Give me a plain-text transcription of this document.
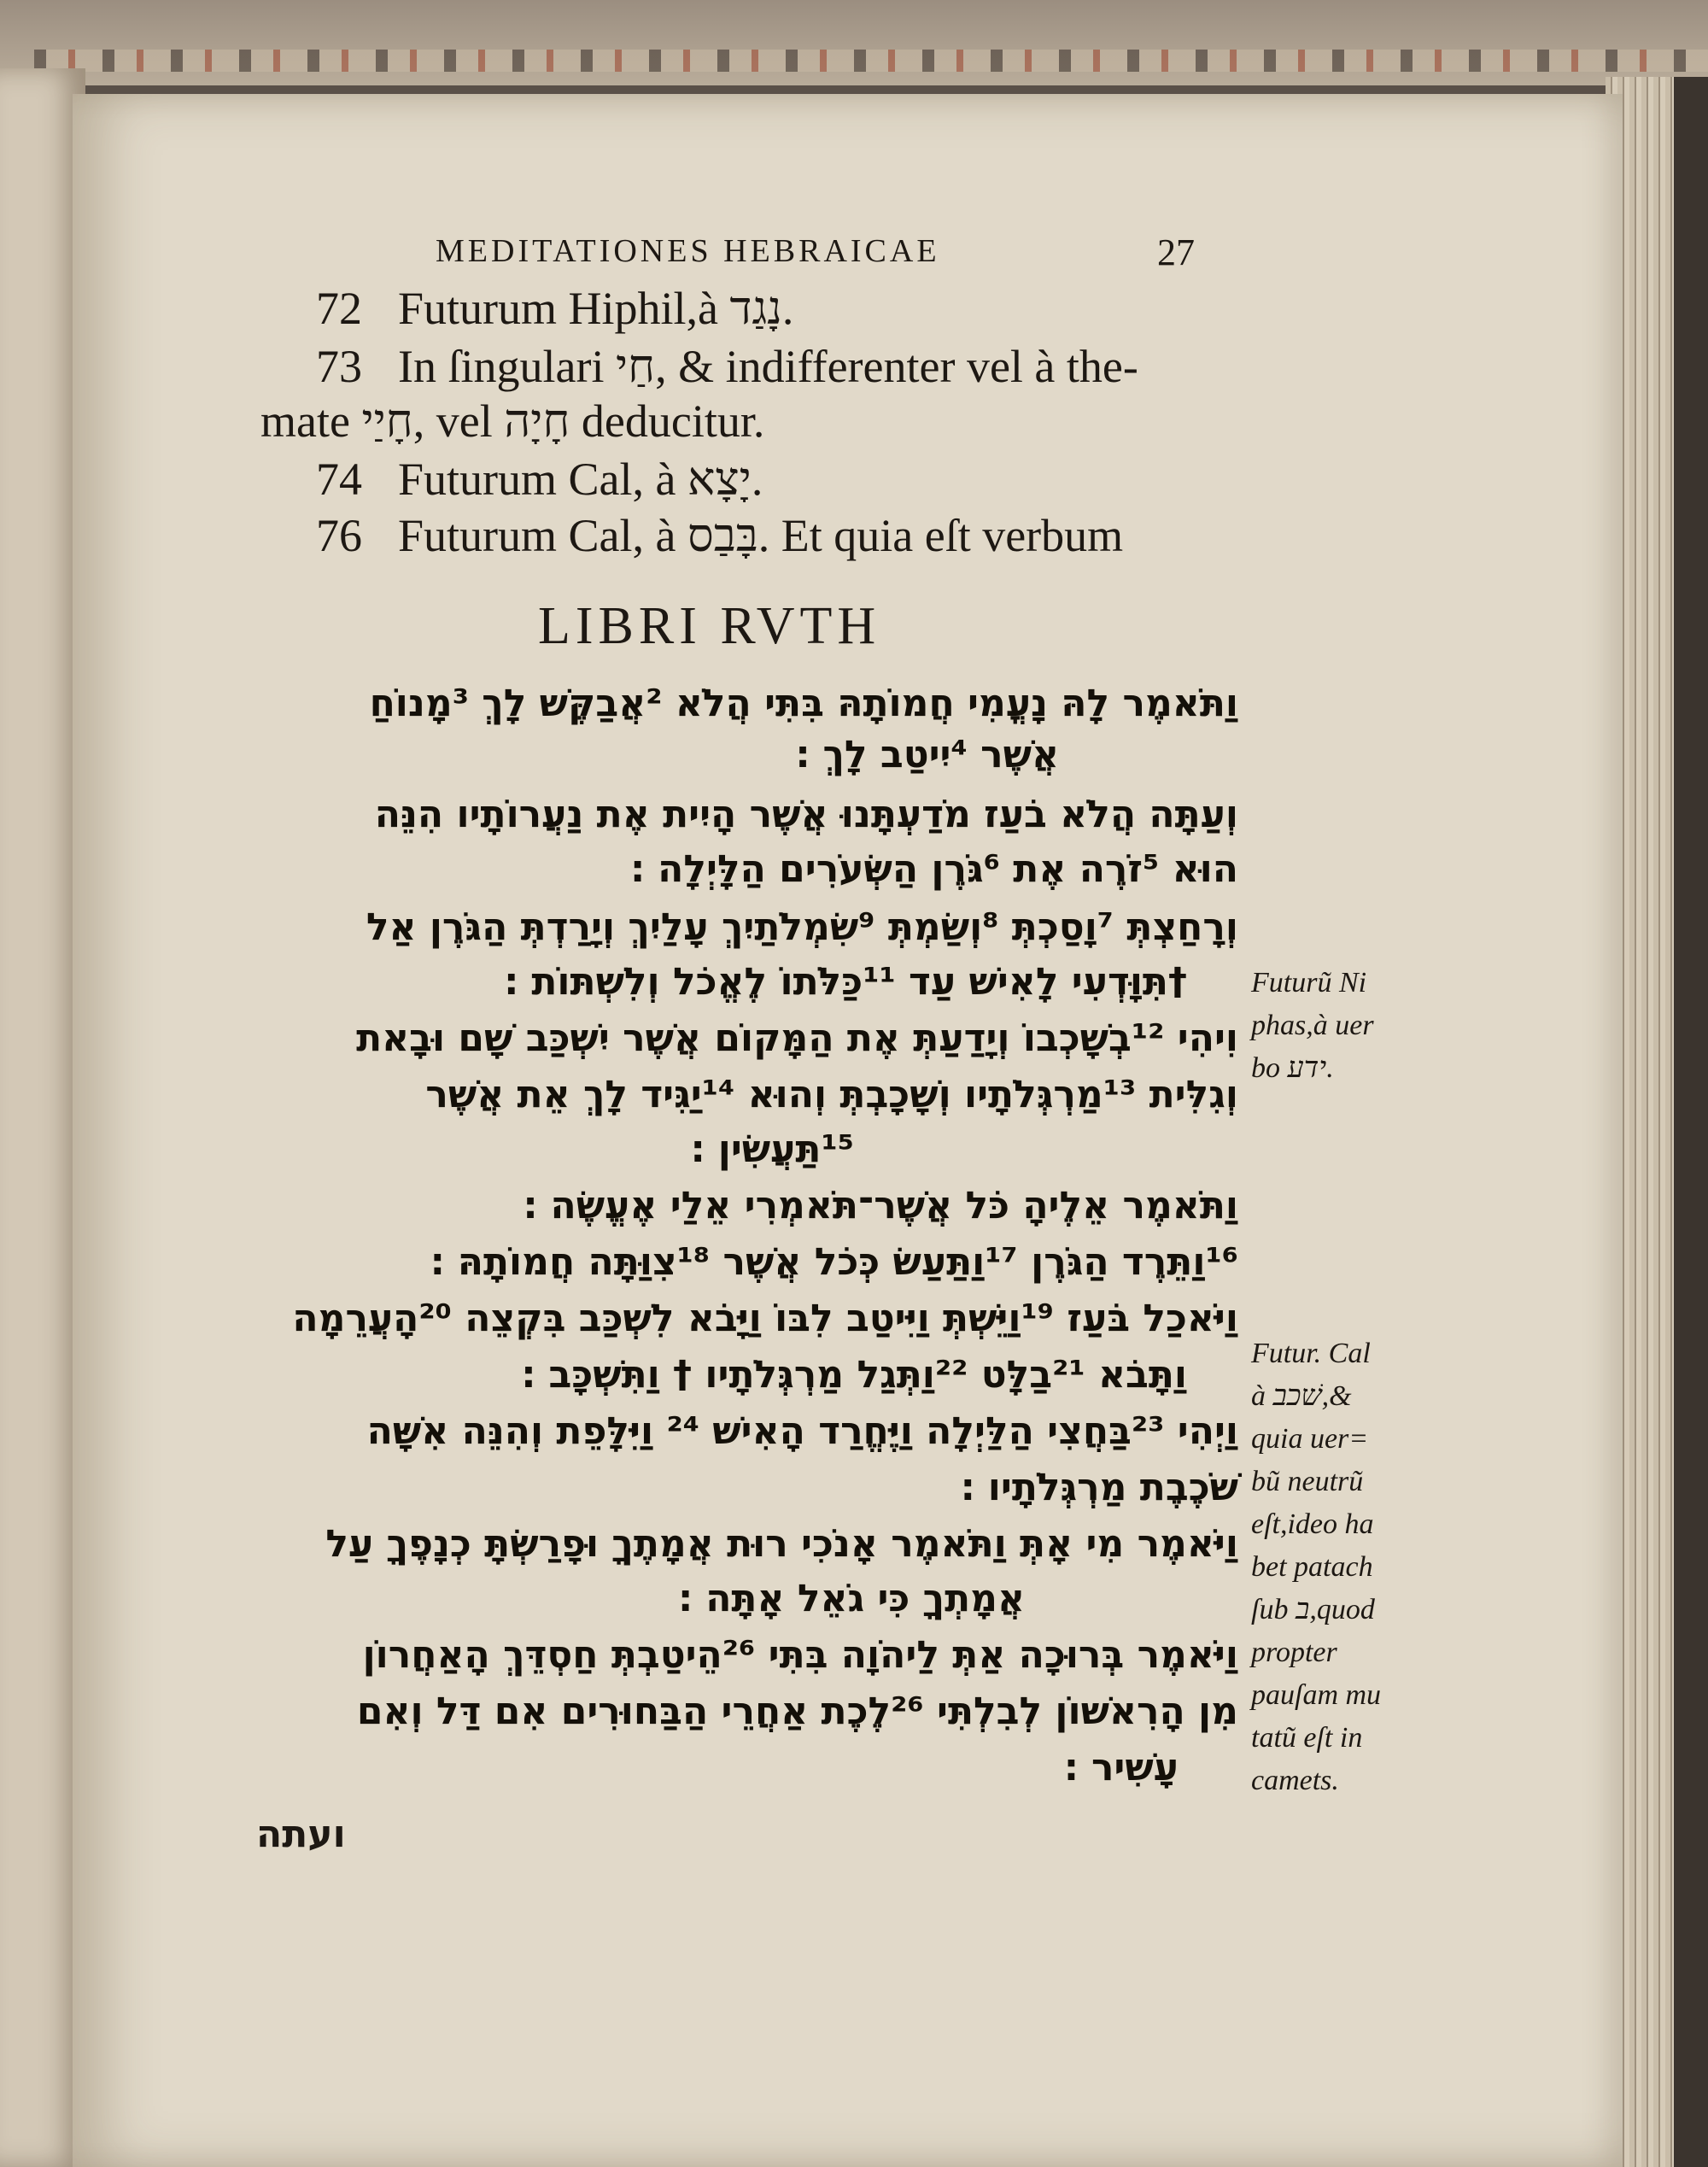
MEDITATIONES HEBRAICAE	27
72 Futurum Hiphil,à נָגַד.
73 In ſingulari חַי, & indifferenter vel à the-
mate חָיַי, vel חָיָה deducitur.
74 Futurum Cal, à יָצָא.
76 Futurum Cal, à בָּבַס. Et quia eſt verbum
LIBRI RVTH
וַתֹּאמֶר לָהּ נָעֳמִי חֲמוֹתָהּ בִּתִּי הֲלֹא ²אֲבַקֶּשׁ לָךְ ³מָנוֹחַ
אֲשֶׁר ⁴יִיטַב לָךְ ׃
וְעַתָּה הֲלֹא בֹעַז מֹדַעְתָּנוּ אֲשֶׁר הָיִית אֶת נַעֲרוֹתָיו הִנֵּה
הוּא ⁵זֹרֶה אֶת ⁶גֹּרֶן הַשְּׂעֹרִים הַלָּיְלָה ׃
וְרָחַצְתְּ ⁷וָסַכְתְּ ⁸וְשַׂמְתְּ ⁹שִׂמְלֹתַיִךְ עָלַיִךְ וְיָרַדְתְּ הַגֹּרֶן אַל
†תִּוָּדְעִי לָאִישׁ עַד ¹¹כַּלֹּתוֹ לֶאֱכֹל וְלִשְׁתּוֹת ׃
וִיהִי ¹²בְשָׁכְבוֹ וְיָדַעַתְּ אֶת הַמָּקוֹם אֲשֶׁר יִשְׁכַּב שָׁם וּבָאת
וְגִלִּית ¹³מַרְגְּלֹתָיו וְשָׁכָבְתְּ וְהוּא ¹⁴יַגִּיד לָךְ אֵת אֲשֶׁר
¹⁵תַּעֲשִׂין ׃
וַתֹּאמֶר אֵלֶיהָ כֹּל אֲשֶׁר־תֹּאמְרִי אֵלַי אֶעֱשֶׂה ׃
¹⁶וַתֵּרֶד הַגֹּרֶן ¹⁷וַתַּעַשׂ כְּכֹל אֲשֶׁר ¹⁸צִוַּתָּה חֲמוֹתָהּ ׃
וַיֹּאכַל בֹּעַז ¹⁹וַיֵּשְׁתְּ וַיִּיטַב לִבּוֹ וַיָּבֹא לִשְׁכַּב בִּקְצֵה ²⁰הָעֲרֵמָה
וַתָּבֹא ²¹בַלָּט ²²וַתְּגַל מַרְגְּלֹתָיו † וַתִּשְׁכָּב ׃
וַיְהִי ²³בַּחֲצִי הַלַּיְלָה וַיֶּחֱרַד הָאִישׁ ²⁴ וַיִּלָּפֵת וְהִנֵּה אִשָּׁה
שֹׁכֶבֶת מַרְגְּלֹתָיו ׃
וַיֹּאמֶר מִי אָתְּ וַתֹּאמֶר אָנֹכִי רוּת אֲמָתֶךָ וּפָרַשְׂתָּ כְנָפֶךָ עַל
אֲמָתְךָ כִּי גֹאֵל אָתָּה ׃
וַיֹּאמֶר בְּרוּכָה אַתְּ לַיהֹוָה בִּתִּי ²⁶הֵיטַבְתְּ חַסְדֵּךְ הָאַחֲרוֹן
מִן הָרִאשׁוֹן לְבִלְתִּי ²⁶לֶכֶת אַחֲרֵי הַבַּחוּרִים אִם דַּל וְאִם
עָשִׁיר ׃
Futurũ Ni
phas,à uer
bo ידע.
Futur. Cal
à שׁכב,&
quia uer=
bũ neutrũ
eſt,ideo ha
bet patach
ſub ב,quod
propter
pauſam mu
tatũ eſt in
camets.
ועתה
